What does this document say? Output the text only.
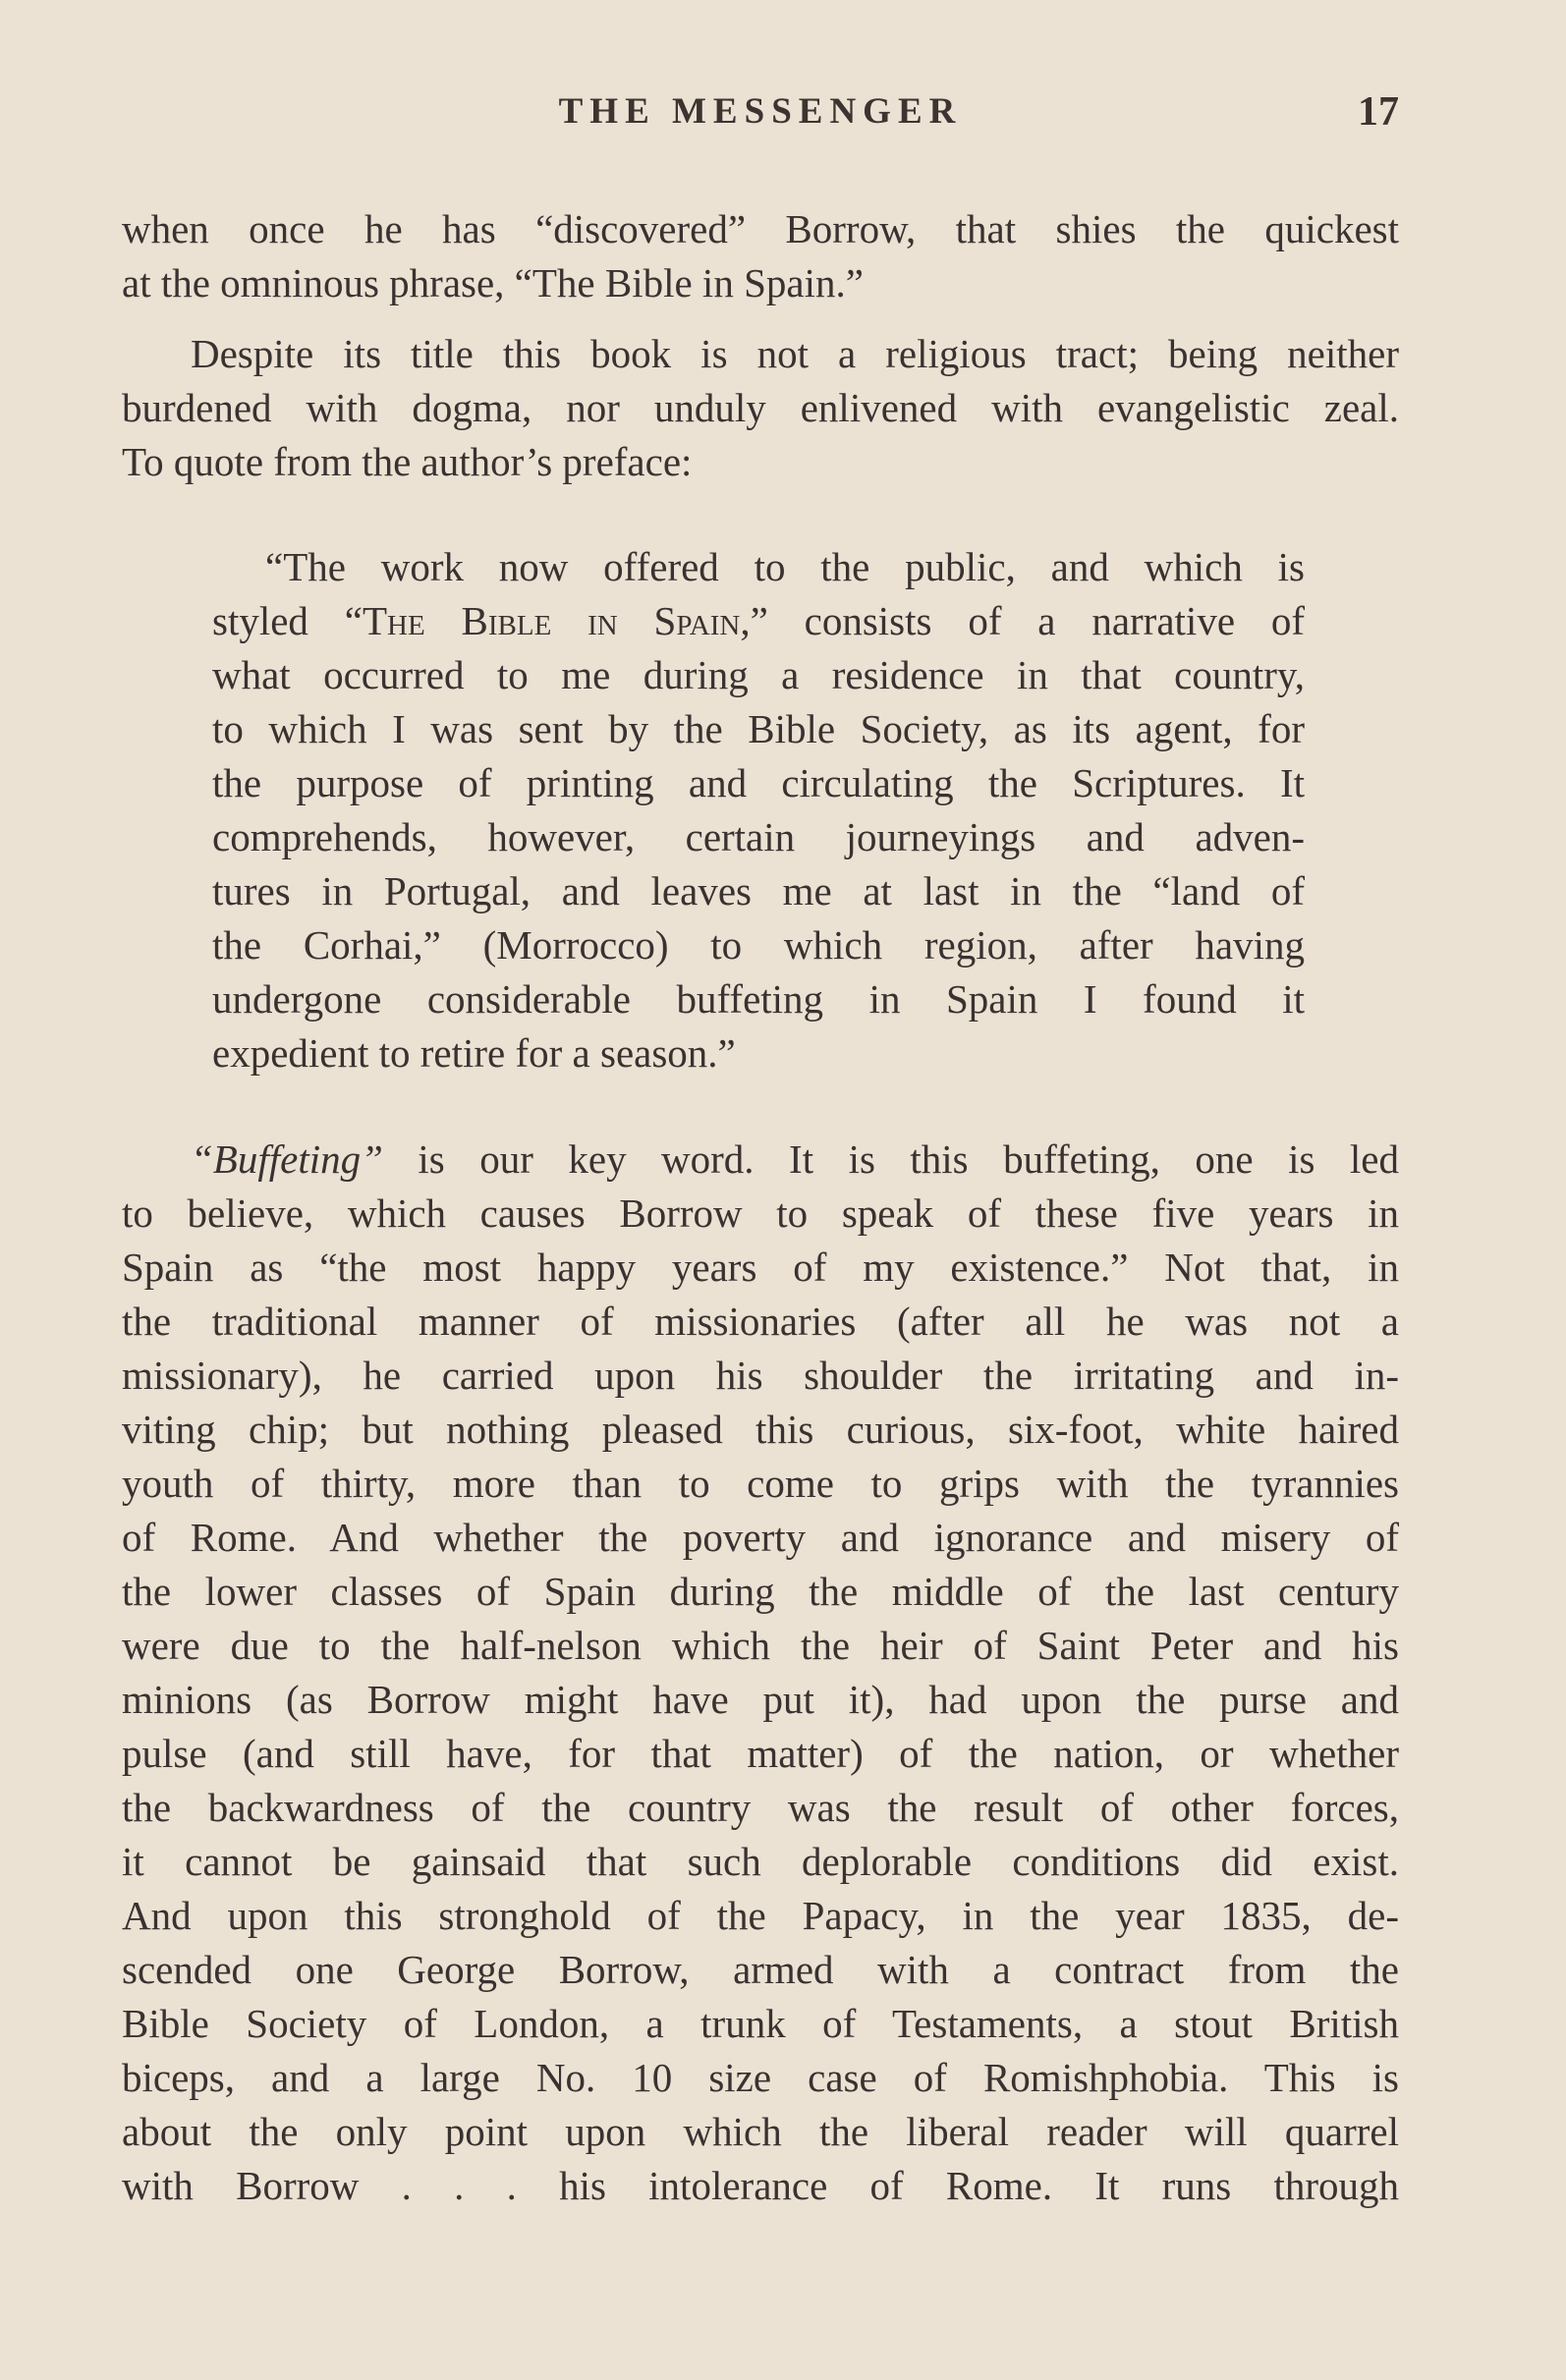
THE MESSENGER	17
when once he has “discovered” Borrow, that shies the quickest
at the omninous phrase, “The Bible in Spain.”
Despite its title this book is not a religious tract; being neither
burdened with dogma, nor unduly enlivened with evangelistic zeal.
To quote from the author’s preface:
“The work now offered to the public, and which is
styled “The Bible in Spain,” consists of a narrative of
what occurred to me during a residence in that country,
to which I was sent by the Bible Society, as its agent, for
the purpose of printing and circulating the Scriptures. It
comprehends, however, certain journeyings and adven-
tures in Portugal, and leaves me at last in the “land of
the Corhai,” (Morrocco) to which region, after having
undergone considerable buffeting in Spain I found it
expedient to retire for a season.”
“Buffeting” is our key word. It is this buffeting, one is led
to believe, which causes Borrow to speak of these five years in
Spain as “the most happy years of my existence.” Not that, in
the traditional manner of missionaries (after all he was not a
missionary), he carried upon his shoulder the irritating and in-
viting chip; but nothing pleased this curious, six-foot, white haired
youth of thirty, more than to come to grips with the tyrannies
of Rome. And whether the poverty and ignorance and misery of
the lower classes of Spain during the middle of the last century
were due to the half-nelson which the heir of Saint Peter and his
minions (as Borrow might have put it), had upon the purse and
pulse (and still have, for that matter) of the nation, or whether
the backwardness of the country was the result of other forces,
it cannot be gainsaid that such deplorable conditions did exist.
And upon this stronghold of the Papacy, in the year 1835, de-
scended one George Borrow, armed with a contract from the
Bible Society of London, a trunk of Testaments, a stout British
biceps, and a large No. 10 size case of Romishphobia. This is
about the only point upon which the liberal reader will quarrel
with Borrow . . . his intolerance of Rome. It runs through
